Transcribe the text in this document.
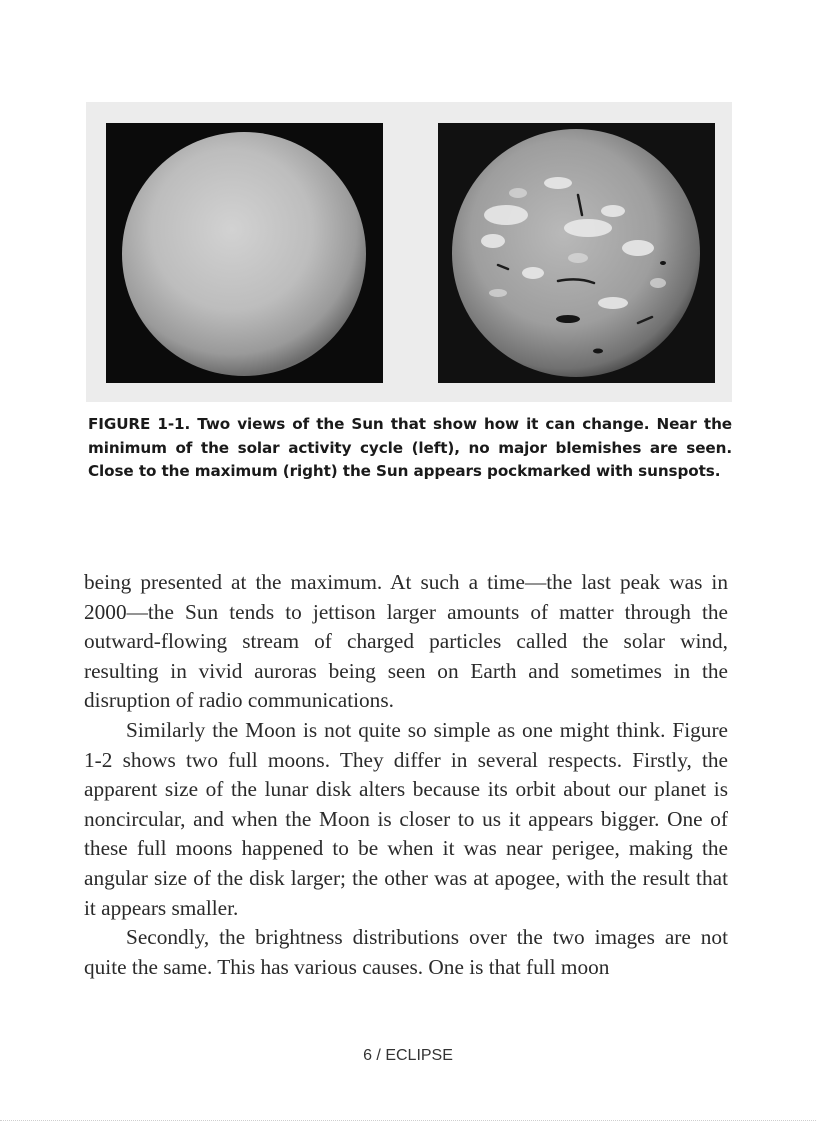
FIGURE 1-1. Two views of the Sun that show how it can change. Near the minimum of the solar activity cycle (left), no major blemishes are seen. Close to the maximum (right) the Sun appears pockmarked with sunspots.

being presented at the maximum. At such a time—the last peak was in 2000—the Sun tends to jettison larger amounts of matter through the outward-flowing stream of charged particles called the solar wind, resulting in vivid auroras being seen on Earth and sometimes in the disruption of radio communications.

Similarly the Moon is not quite so simple as one might think. Figure 1-2 shows two full moons. They differ in several respects. Firstly, the apparent size of the lunar disk alters because its orbit about our planet is noncircular, and when the Moon is closer to us it appears bigger. One of these full moons happened to be when it was near perigee, making the angular size of the disk larger; the other was at apogee, with the result that it appears smaller.

Secondly, the brightness distributions over the two images are not quite the same. This has various causes. One is that full moon

6 / ECLIPSE
